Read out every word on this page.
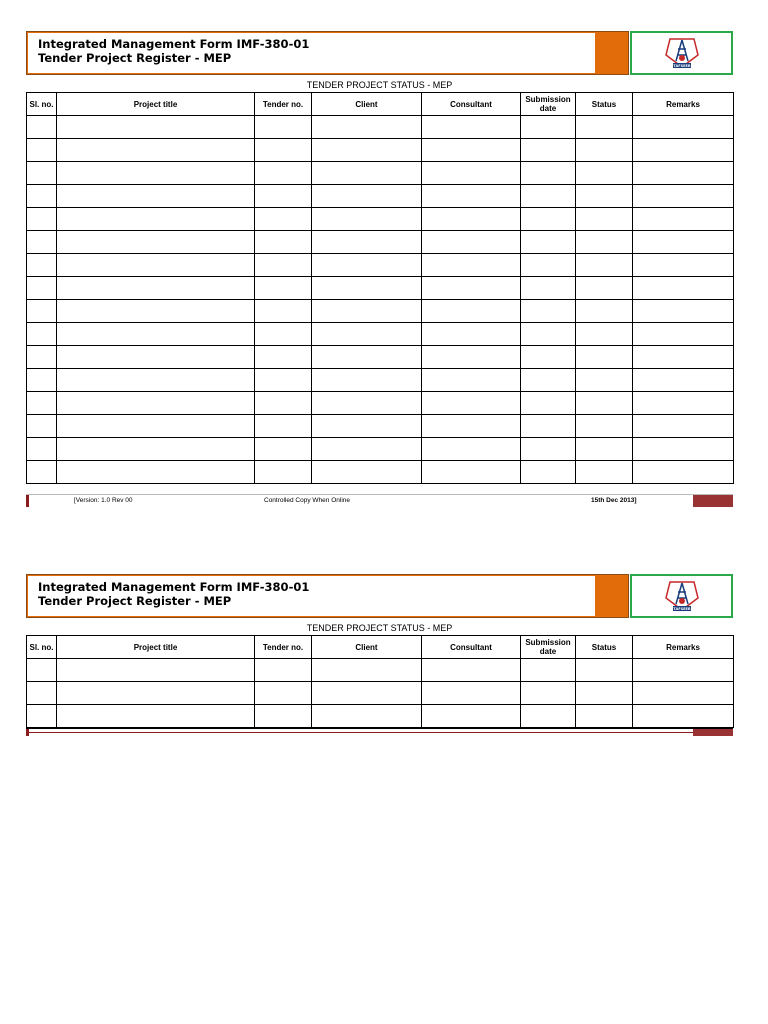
Integrated Management Form IMF-380-01
Tender Project Register - MEP
TAFSEER
TENDER PROJECT STATUS - MEP
Sl. no.	Project title	Tender no.	Client	Consultant	Submission date	Status	Remarks

[Version: 1.0 Rev 00	Controlled Copy When Online	15th Dec 2013]
Integrated Management Form IMF-380-01
Tender Project Register - MEP
TAFSEER
TENDER PROJECT STATUS - MEP
Sl. no.	Project title	Tender no.	Client	Consultant	Submission date	Status	Remarks
